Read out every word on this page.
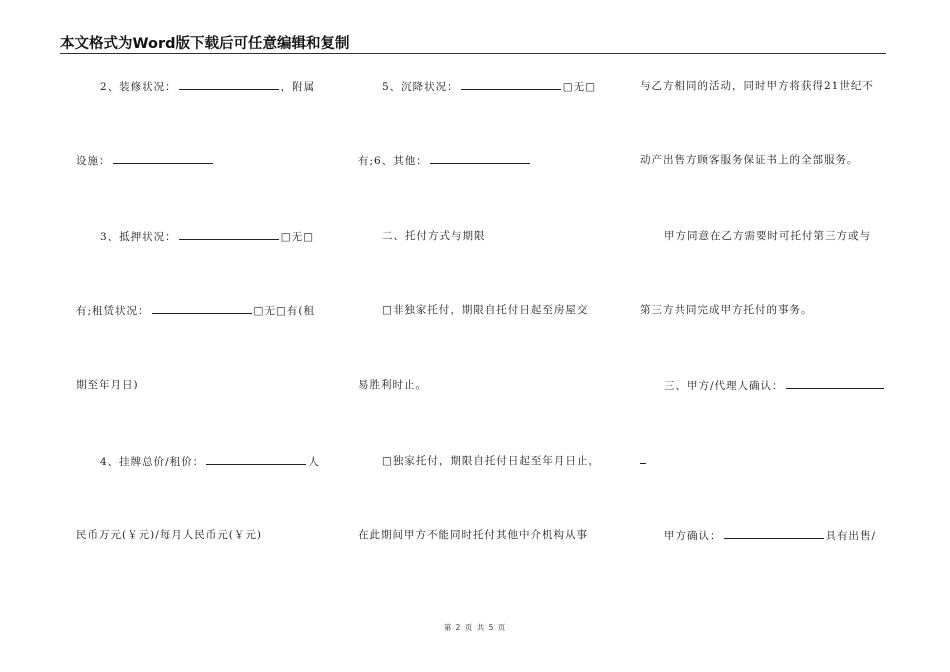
本文格式为Word版下载后可任意编辑和复制
2、装修状况：	，附属
设施：
3、抵押状况：	□无□
有;租赁状况：	□无□有(租
期至年月日)
4、挂牌总价/租价：	人
民币万元(￥元)/每月人民币元(￥元)
5、沉降状况：	□无□
有;6、其他：
二、托付方式与期限
□非独家托付，期限自托付日起至房屋交
易胜利时止。
□独家托付，期限自托付日起至年月日止，
在此期间甲方不能同时托付其他中介机构从事
与乙方相同的活动，同时甲方将获得21世纪不
动产出售方顾客服务保证书上的全部服务。
甲方同意在乙方需要时可托付第三方或与
第三方共同完成甲方托付的事务。
三、甲方/代理人确认：
甲方确认：	具有出售/
第 2 页 共 5 页
